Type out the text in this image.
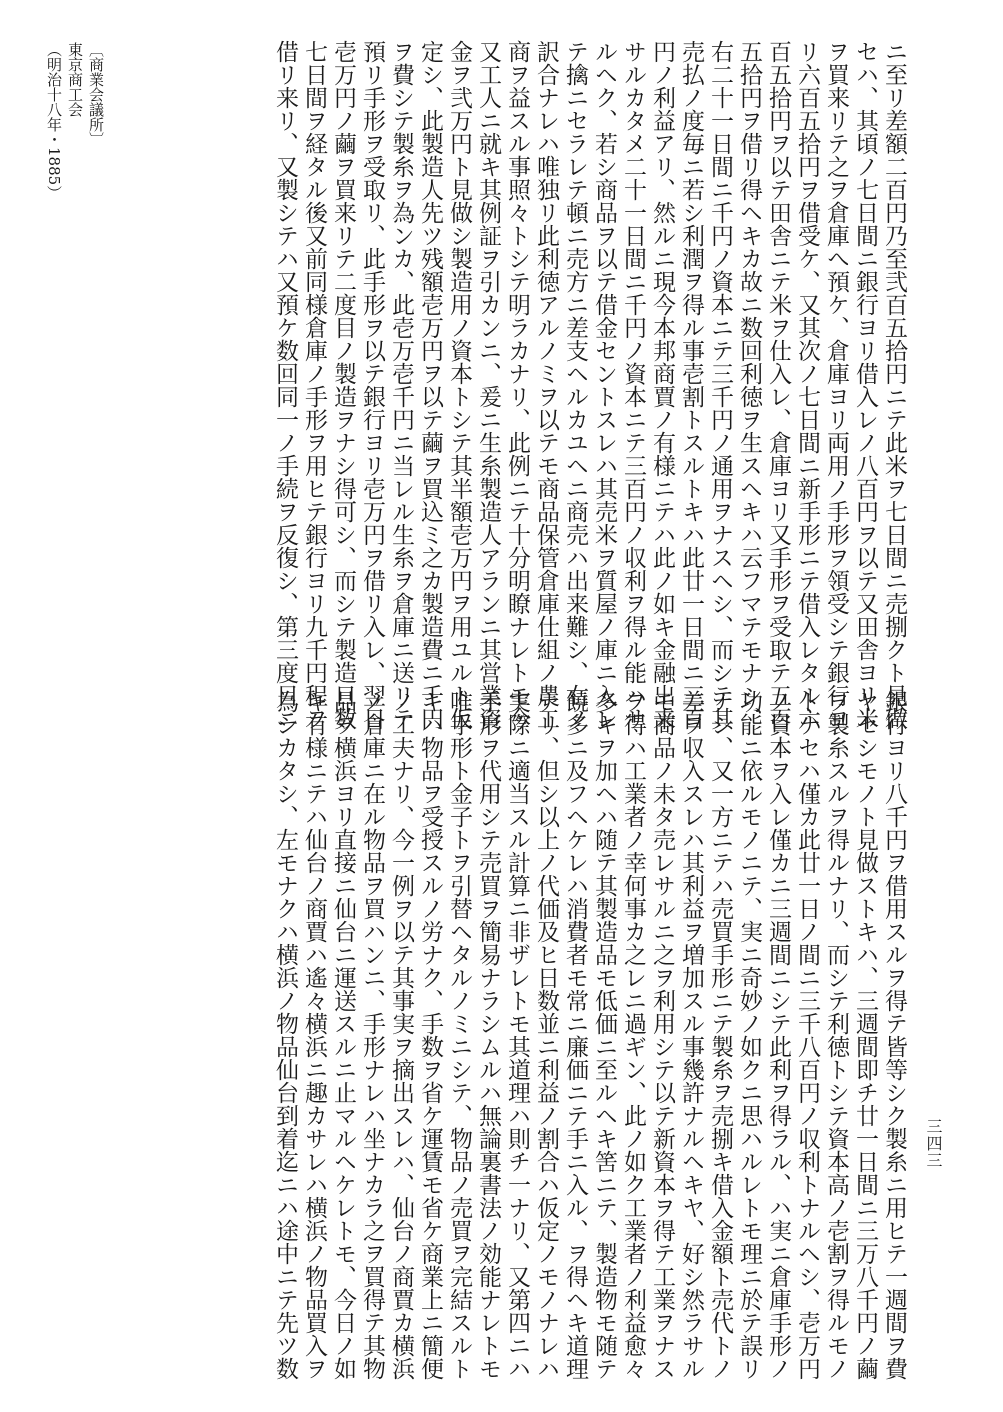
ニ至リ差額二百円乃至弐百五拾円ニテ此米ヲ七日間ニ売捌クト見做
セハ、其頃ノ七日間ニ銀行ヨリ借入レノ八百円ヲ以テ又田舎ヨリ米
ヲ買来リテ之ヲ倉庫へ預ケ、倉庫ヨリ両用ノ手形ヲ領受シテ銀行ヨ
リ六百五拾円ヲ借受ケ、又其次ノ七日間ニ新手形ニテ借入レタル六
百五拾円ヲ以テ田舎ニテ米ヲ仕入レ、倉庫ヨリ又手形ヲ受取テ五百
五拾円ヲ借リ得ヘキカ故ニ数回利徳ヲ生スヘキハ云フマテモナシ、
右二十一日間ニ千円ノ資本ニテ三千円ノ通用ヲナスヘシ、而シテ其
売払ノ度毎ニ若シ利潤ヲ得ル事壱割トスルトキハ此廿一日間ニ三百
円ノ利益アリ、然ルニ現今本邦商賈ノ有様ニテハ此ノ如キ金融出来
サルカタメ二十一日間ニ千円ノ資本ニテ三百円ノ収利ヲ得ル能ハサ
ルヘク、若シ商品ヲ以テ借金セントスレハ其売米ヲ質屋ノ庫ニ入レ
テ擒ニセラレテ頓ニ売方ニ差支ヘルカユヘニ商売ハ出来難シ、右ノ
訳合ナレハ唯独リ此利徳アルノミヲ以テモ商品保管倉庫仕組ノ農工
商ヲ益スル事照々トシテ明ラカナリ、此例ニテ十分明瞭ナレトモ今
又工人ニ就キ其例証ヲ引カンニ、爰ニ生糸製造人アランニ其営業資
金ヲ弐万円ト見做シ製造用ノ資本トシテ其半額壱万円ヲ用ユルト仮
定シ、此製造人先ツ残額壱万円ヲ以テ繭ヲ買込ミ之カ製造費ニ千円
ヲ費シテ製糸ヲ為ンカ、此壱万壱千円ニ当レル生糸ヲ倉庫ニ送リテ
預リ手形ヲ受取リ、此手形ヲ以テ銀行ヨリ壱万円ヲ借リ入レ、翌日
壱万円ノ繭ヲ買来リテ二度目ノ製造ヲナシ得可シ、而シテ製造日数
七日間ヲ経タル後又前同様倉庫ノ手形ヲ用ヒテ銀行ヨリ九千円程ヲ
借リ来リ、又製シテハ又預ケ数回同一ノ手続ヲ反復シ、第三度目ニ
銀行ヨリ八千円ヲ借用スルヲ得テ皆等シク製糸ニ用ヒテ一週間ヲ費
ヤセシモノト見做ストキハ、三週間即チ廿一日間ニ三万八千円ノ繭
ヲ製糸スルヲ得ルナリ、而シテ利徳トシテ資本高ノ壱割ヲ得ルモノ
トナセハ僅カ此廿一日ノ間ニ三千八百円ノ収利トナルヘシ、壱万円
ノ資本ヲ入レ僅カニ三週間ニシテ此利ヲ得ラル、ハ実ニ倉庫手形ノ
功能ニ依ルモノニテ、実ニ奇妙ノ如クニ思ハルレトモ理ニ於テ誤リ
ナシ、又一方ニテハ売買手形ニテ製糸ヲ売捌キ借入金額ト売代トノ
差ヲ収入スレハ其利益ヲ増加スル事幾許ナルヘキヤ、好シ然ラサル
モ商品ノ未タ売レサルニ之ヲ利用シテ以テ新資本ヲ得テ工業ヲナス
ヲ得ハ工業者ノ幸何事カ之レニ過ギン、此ノ如ク工業者ノ利益愈々
多キヲ加ヘハ随テ其製造品モ低価ニ至ルヘキ筈ニテ、製造物モ随テ
饒多ニ及フヘケレハ消費者モ常ニ廉価ニテ手ニ入ル、ヲ得ヘキ道理
ナリ、但シ以上ノ代価及ヒ日数並ニ利益ノ割合ハ仮定ノモノナレハ
実際ニ適当スル計算ニ非ザレトモ其道理ハ則チ一ナリ、又第四ニハ
手形ヲ代用シテ売買ヲ簡易ナラシムルハ無論裏書法ノ効能ナレトモ
唯手形ト金子トヲ引替ヘタルノミニシテ、物品ノ売買ヲ完結スルト
キハ物品ヲ受授スルノ労ナク、手数ヲ省ケ運賃モ省ケ商業上ニ簡便
ノ工夫ナリ、今一例ヲ以テ其事実ヲ摘出スレハ、仙台ノ商賈カ横浜
ノ倉庫ニ在ル物品ヲ買ハンニ、手形ナレハ坐ナカラ之ヲ買得テ其物
品ヲ横浜ヨリ直接ニ仙台ニ運送スルニ止マルヘケレトモ、今日ノ如
キ有様ニテハ仙台ノ商賈ハ遙々横浜ニ趣カサレハ横浜ノ物品買入ヲ
為シカタシ、左モナクハ横浜ノ物品仙台到着迄ニハ途中ニテ先ツ数
〔商業会議所〕
東京商工会
（明治十八年・1885）
三四三
